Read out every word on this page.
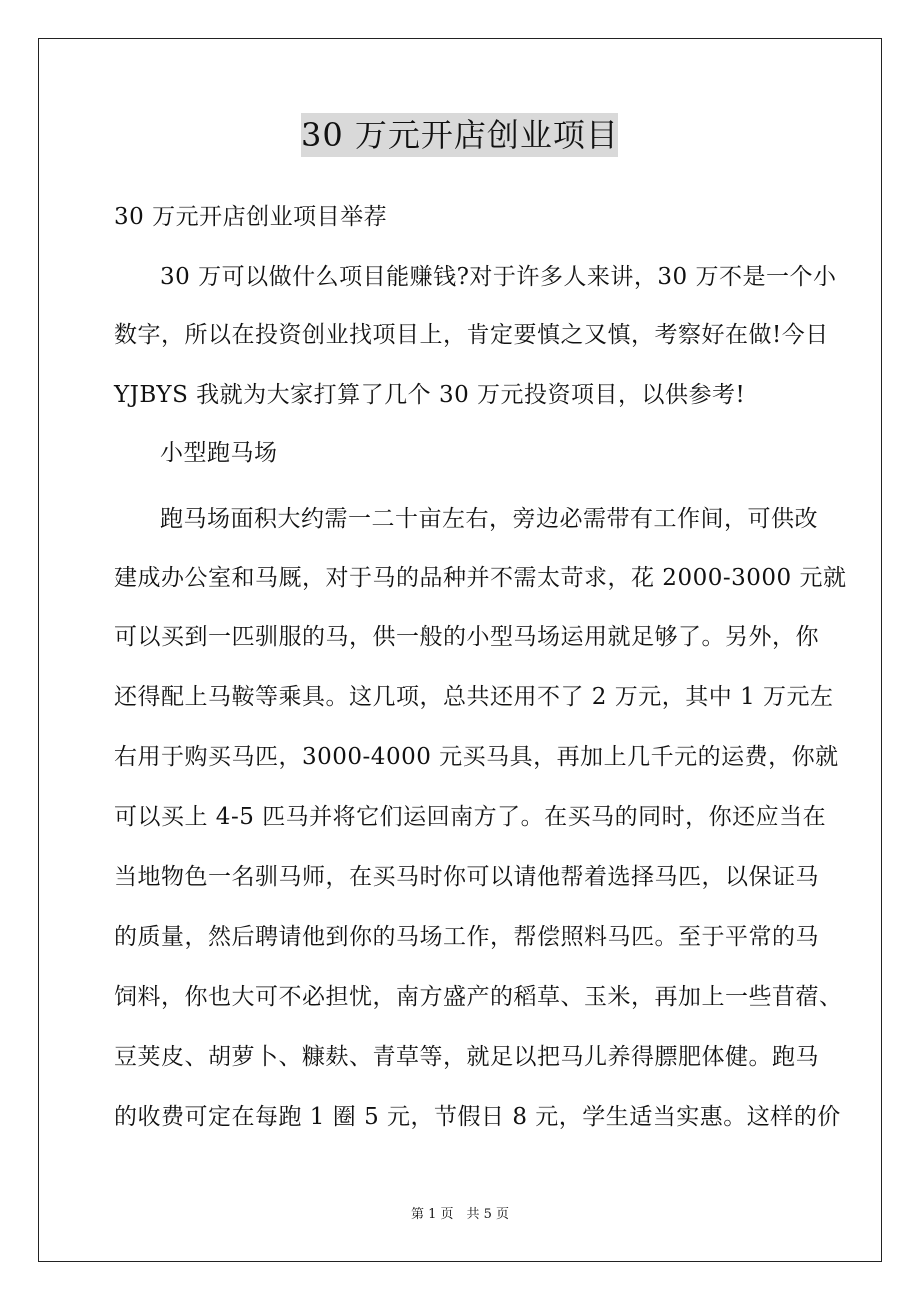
30 万元开店创业项目
30 万元开店创业项目举荐
30 万可以做什么项目能赚钱?对于许多人来讲，30 万不是一个小
数字，所以在投资创业找项目上，肯定要慎之又慎，考察好在做!今日
YJBYS 我就为大家打算了几个 30 万元投资项目，以供参考!
小型跑马场
跑马场面积大约需一二十亩左右，旁边必需带有工作间，可供改
建成办公室和马厩，对于马的品种并不需太苛求，花 2000-3000 元就
可以买到一匹驯服的马，供一般的小型马场运用就足够了。另外，你
还得配上马鞍等乘具。这几项，总共还用不了 2 万元，其中 1 万元左
右用于购买马匹，3000-4000 元买马具，再加上几千元的运费，你就
可以买上 4-5 匹马并将它们运回南方了。在买马的同时，你还应当在
当地物色一名驯马师，在买马时你可以请他帮着选择马匹，以保证马
的质量，然后聘请他到你的马场工作，帮偿照料马匹。至于平常的马
饲料，你也大可不必担忧，南方盛产的稻草、玉米，再加上一些苜蓿、
豆荚皮、胡萝卜、糠麸、青草等，就足以把马儿养得膘肥体健。跑马
的收费可定在每跑 1 圈 5 元，节假日 8 元，学生适当实惠。这样的价
第 1 页　共 5 页
